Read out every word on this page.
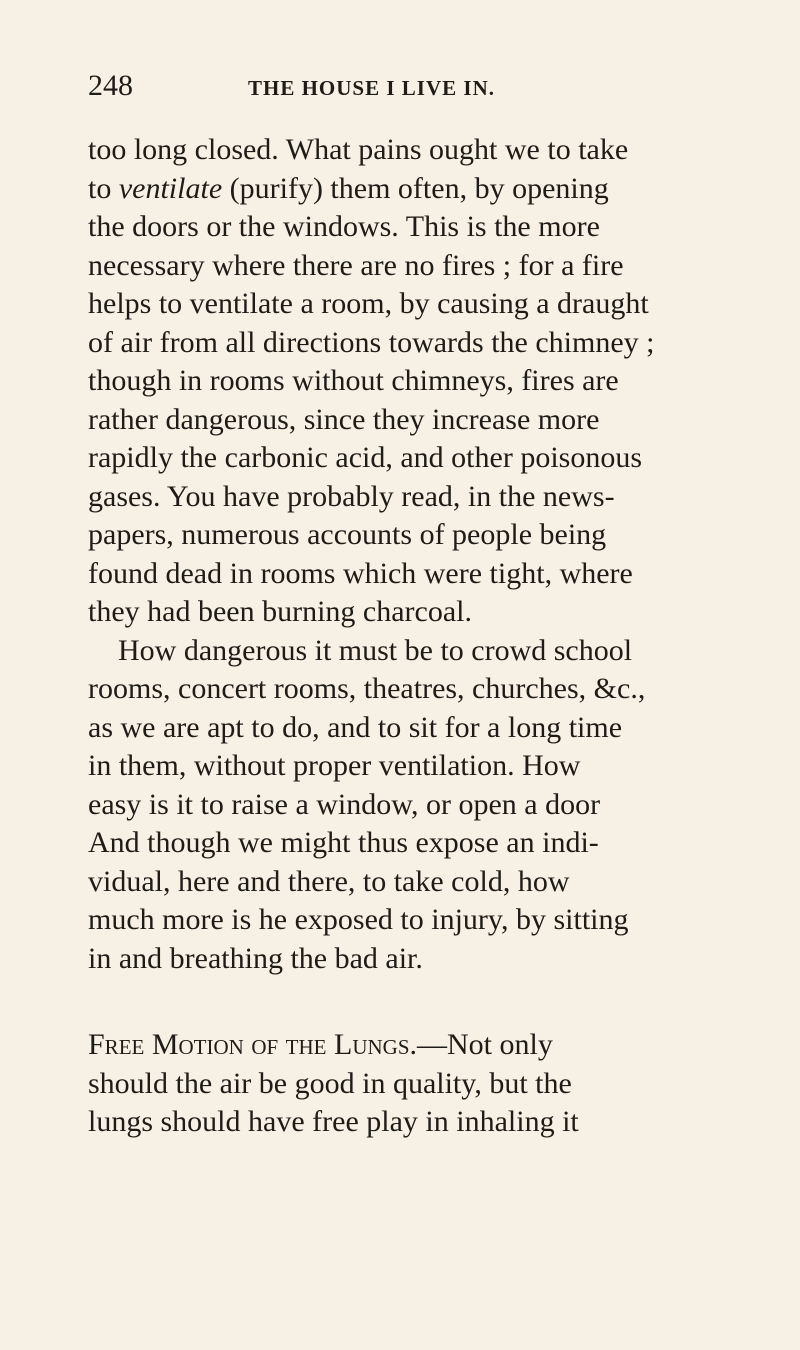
248	THE HOUSE I LIVE IN.
too long closed. What pains ought we to take
to ventilate (purify) them often, by opening
the doors or the windows. This is the more
necessary where there are no fires ; for a fire
helps to ventilate a room, by causing a draught
of air from all directions towards the chimney ;
though in rooms without chimneys, fires are
rather dangerous, since they increase more
rapidly the carbonic acid, and other poisonous
gases. You have probably read, in the news-
papers, numerous accounts of people being
found dead in rooms which were tight, where
they had been burning charcoal.
How dangerous it must be to crowd school
rooms, concert rooms, theatres, churches, &c.,
as we are apt to do, and to sit for a long time
in them, without proper ventilation. How
easy is it to raise a window, or open a door
And though we might thus expose an indi-
vidual, here and there, to take cold, how
much more is he exposed to injury, by sitting
in and breathing the bad air.
Free Motion of the Lungs.—Not only
should the air be good in quality, but the
lungs should have free play in inhaling it
